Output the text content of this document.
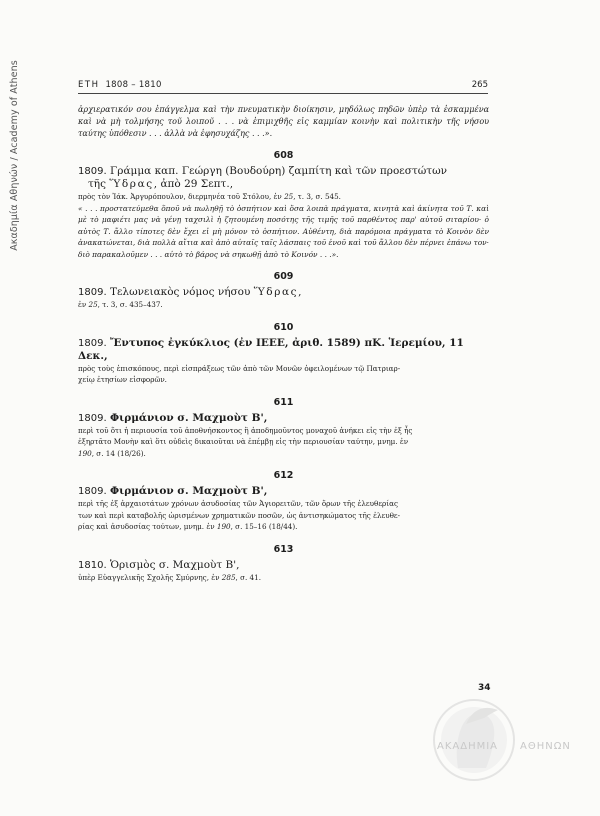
Ακαδημία Αθηνών / Academy of Athens	ΕΤΗ 1808 – 1810	265

ἀρχιερατικόν σου ἐπάγγελμα καὶ τὴν πνευματικὴν διοίκησιν, μηδόλως πηδῶν ὑπὲρ τὰ ἐσκαμμένα καὶ νὰ μὴ τολμήσης τοῦ λοιποῦ . . . νὰ ἐπιμιχθῆς εἰς καμμίαν κοινὴν καὶ πολιτικὴν τῆς νήσου ταύτης ὑπόθεσιν . . . ἀλλὰ νὰ ἐφησυχάζης . . .».

608

1809. Γράμμα καπ. Γεώργη (Βουδούρη) ζαμπίτη καὶ τῶν προεστώτων
τῆς Ὕδρας, ἀπὸ 29 Σεπτ.,

πρὸς τὸν Ἰάκ. Ἀργυρόπουλον, διερμηνέα τοῦ Στόλου, ἐν 25, τ. 3, σ. 545.

« . . . προστατεύμεθα ὅποῦ νὰ πωληθῇ τὸ ὁσπήτιον καὶ ὅσα λοιπὰ πράγματα, κινητὰ καὶ ἀκίνητα τοῦ Τ. καὶ μὲ τὸ μαφιέτι μας νὰ γένῃ ταχσιλὶ ἡ ζητουμένη ποσότης τῆς τιμῆς τοῦ παρθέντος παρ' αὐτοῦ σιταρίου· ὁ αὐτὸς Τ. ἄλλο τίποτες δὲν ἔχει εἰ μὴ μόνον τὸ ὁσπήτιον. Αὐθέντη, διὰ παρόμοια πράγματα τὸ Κοινὸν δὲν ἀνακατώνεται, διὰ πολλὰ αἴτια καὶ ἀπὸ αὐταῖς ταῖς λάσπαις τοῦ ἐνοῦ καὶ τοῦ ἄλλου δὲν πέρνει ἐπάνω τον· διὸ παρακαλοῦμεν . . . αὐτὸ τὸ βάρος νὰ σηκωθῇ ἀπὸ τὸ Κοινόν . . .».

609

1809. Τελωνειακὸς νόμος νήσου Ὕδρας,

ἐν 25, τ. 3, σ. 435–437.

610

1809. Ἔντυπος ἐγκύκλιος (ἐν ΙΕΕΕ, ἀριθ. 1589) πΚ. Ἱερεμίου, 11 Δεκ.,

πρὸς τοὺς ἐπισκόπους, περὶ εἰσπράξεως τῶν ἀπὸ τῶν Μονῶν ὀφειλομένων τῷ Πατριαρ-

χείῳ ἐτησίων εἰσφορῶν.

611

1809. Φιρμάνιον σ. Μαχμοὺτ Β',

περὶ τοῦ ὅτι ἡ περιουσία τοῦ ἀποθνήσκοντος ἢ ἀποδημοῦντος μοναχοῦ ἀνήκει εἰς τὴν ἐξ ἧς

ἐξηρτᾶτο Μονὴν καὶ ὅτι οὐδεὶς δικαιοῦται νὰ ἐπέμβῃ εἰς τὴν περιουσίαν ταύτην, μνημ. ἐν

190, σ. 14 (18/26).

612

1809. Φιρμάνιον σ. Μαχμοὺτ Β',

περὶ τῆς ἐξ ἀρχαιοτάτων χρόνων ἀσυδοσίας τῶν Ἁγιορειτῶν, τῶν ὅρων τῆς ἐλευθερίας

των καὶ περὶ καταβολῆς ὡρισμένων χρηματικῶν ποσῶν, ὡς ἀντισηκώματος τῆς ἐλευθε-

ρίας καὶ ἀσυδοσίας τούτων, μνημ. ἐν 190, σ. 15–16 (18/44).

613

1810. Ὁρισμὸς σ. Μαχμοὺτ Β',

ὑπὲρ Εὐαγγελικῆς Σχολῆς Σμύρνης, ἐν 285, σ. 41.

34
ΑΚΑΔΗΜΙΑ ΑΘΗΝΩΝ
